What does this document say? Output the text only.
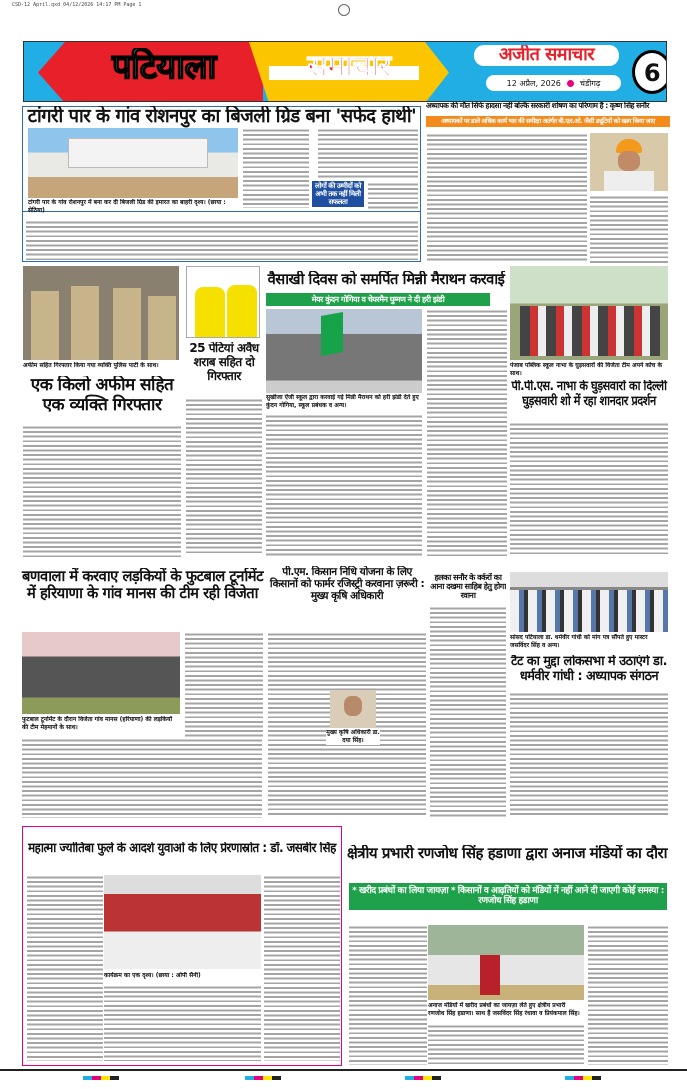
CSD-12 April.qxd 04/12/2026 14:17 PM Page 1
पटियाला	समाचार	अजीत समाचार
12 अप्रैल, 2026 चंडीगढ़	6
टांगरी पार के गांव रोशनपुर का बिजली ग्रिड बना 'सफेद हाथी'
टांगरी पार के गांव रोशनपुर में बना कर दी बिजली ग्रिड की इमारत का बाहरी दृश्य। (छाया : सेठिया)
लोगों की उम्मीदों को अभी तक नहीं मिली सफलता
अध्यापक की मौत सिर्फ हादसा नहीं बल्कि सरकारी शोषण का परिणाम है : कृष्ण सिंह सनौर
अध्यापकों पर डाले अधिक कार्य भार की समीक्षा अतंर्गत बी.एल.ओ. जैसी ड्यूटियों को खत्म किया जाए
अफीम सहित गिरफ्तार किया गया व्यक्ति पुलिस पार्टी के साथ।
एक किलो अफीम सहित एक व्यक्ति गिरफ्तार
25 पेटियां अवैध शराब सहित दो गिरफ्तार
वैसाखी दिवस को समर्पित मिन्नी मैराथन करवाई
मेयर कुंदन गोगिया व चेयरमैन घुम्मण ने दी हरी झंडी
सुखीजा ऐंजी स्कूल द्वारा करवाई गई मिन्नी मैराथन को हरी झंडी देते हुए कुंदन गोगिया, स्कूल प्रबंधक व अन्य।
पंजाब पब्लिक स्कूल नाभा के घुड़सवारों की विजेता टीम अपने कोच के साथ।
पी.पी.एस. नाभा के घुड़सवारों का दिल्ली घुड़सवारी शो में रहा शानदार प्रदर्शन
बणवाला में करवाए लड़कियों के फुटबाल टूर्नामेंट में हरियाणा के गांव मानस की टीम रही विजेता
फुटबाल टूर्नामेंट के दौरान विजेता गांव मानस (हरियाणा) की लड़कियों की टीम मेहमानों के साथ।
पी.एम. किसान निधि योजना के लिए किसानों को फार्मर रजिस्ट्री करवाना ज़रूरी : मुख्य कृषि अधिकारी
मुख्य कृषि अधिकारी डा. दया सिंह।
हलका सनौर के वर्करों का आना दखमा साहिब हेतु होगा रवाना
सांसद पटियाला डा. धर्मवीर गांधी को मांग पत्र सौंपते हुए मास्टर जसविंदर सिंह व अन्य।
टैट का मुद्दा लोकसभा में उठाएंगे डा. धर्मवीर गांधी : अध्यापक संगठन
महात्मा ज्योतिबा फुले के आदर्श युवाओं के लिए प्रेरणास्रोत : डॉ. जसबीर सिंह
कार्यक्रम का एक दृश्य। (छाया : ओपी सैनी)
क्षेत्रीय प्रभारी रणजोध सिंह हडाणा द्वारा अनाज मंडियों का दौरा
* खरीद प्रबंधों का लिया जायज़ा * किसानों व आढ़तियों को मंडियों में नहीं आने दी जाएगी कोई समस्या : रणजोध सिंह हडाणा
अनाज मंडियों में खरीद प्रबंधों का जायज़ा लेते हुए क्षेत्रीय प्रभारी रणजोध सिंह हडाणा। साथ हैं जसविंदर सिंह रंधावा व प्रियंकपाल सिंह।
